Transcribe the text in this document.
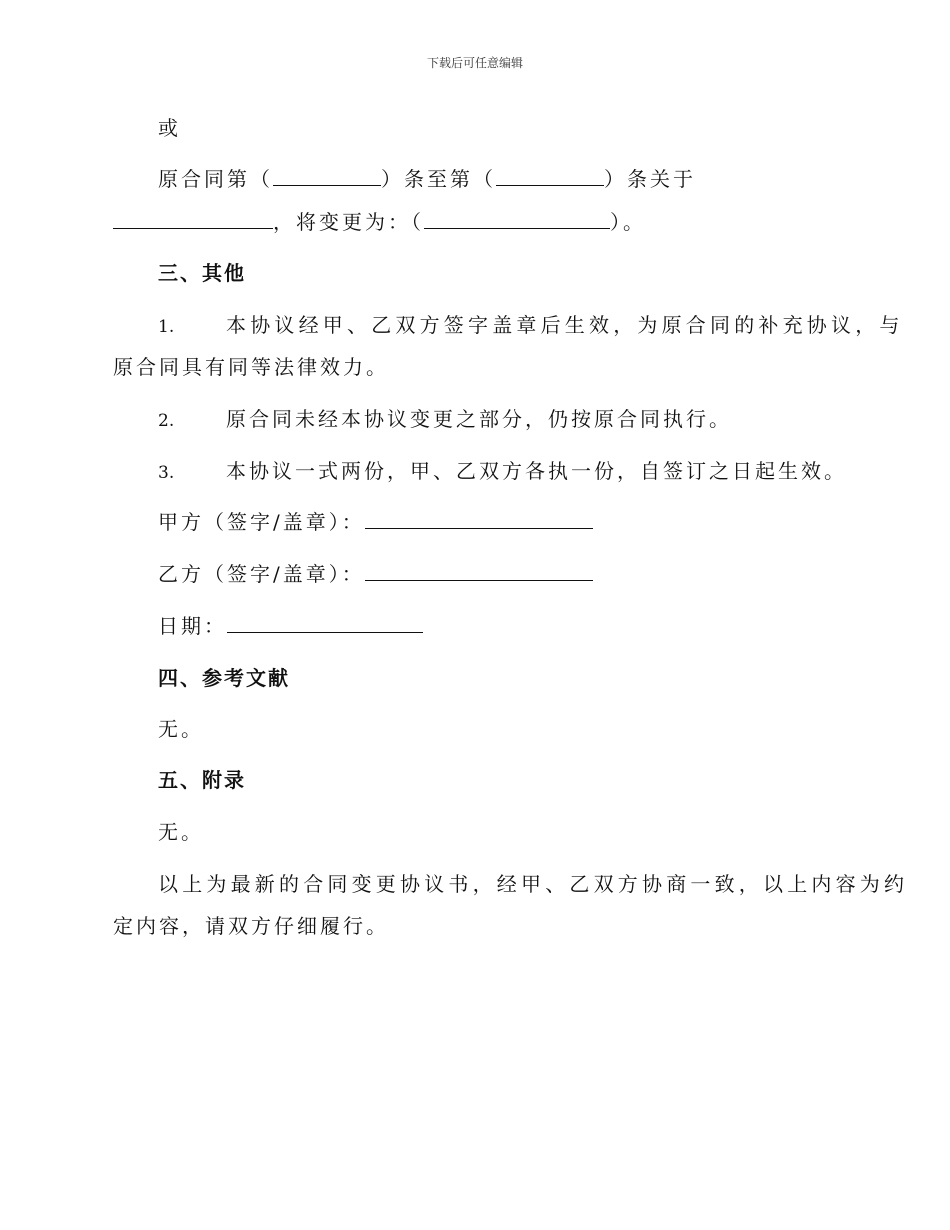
下载后可任意编辑
或
原合同第（	）条至第（	）条关于
，将变更为：（	）。
三、其他
1.	本协议经甲、乙双方签字盖章后生效，为原合同的补充协议，与
原合同具有同等法律效力。
2.	原合同未经本协议变更之部分，仍按原合同执行。
3.	本协议一式两份，甲、乙双方各执一份，自签订之日起生效。
甲方（签字/盖章）：
乙方（签字/盖章）：
日期：
四、参考文献
无。
五、附录
无。
以上为最新的合同变更协议书，经甲、乙双方协商一致，以上内容为约
定内容，请双方仔细履行。
